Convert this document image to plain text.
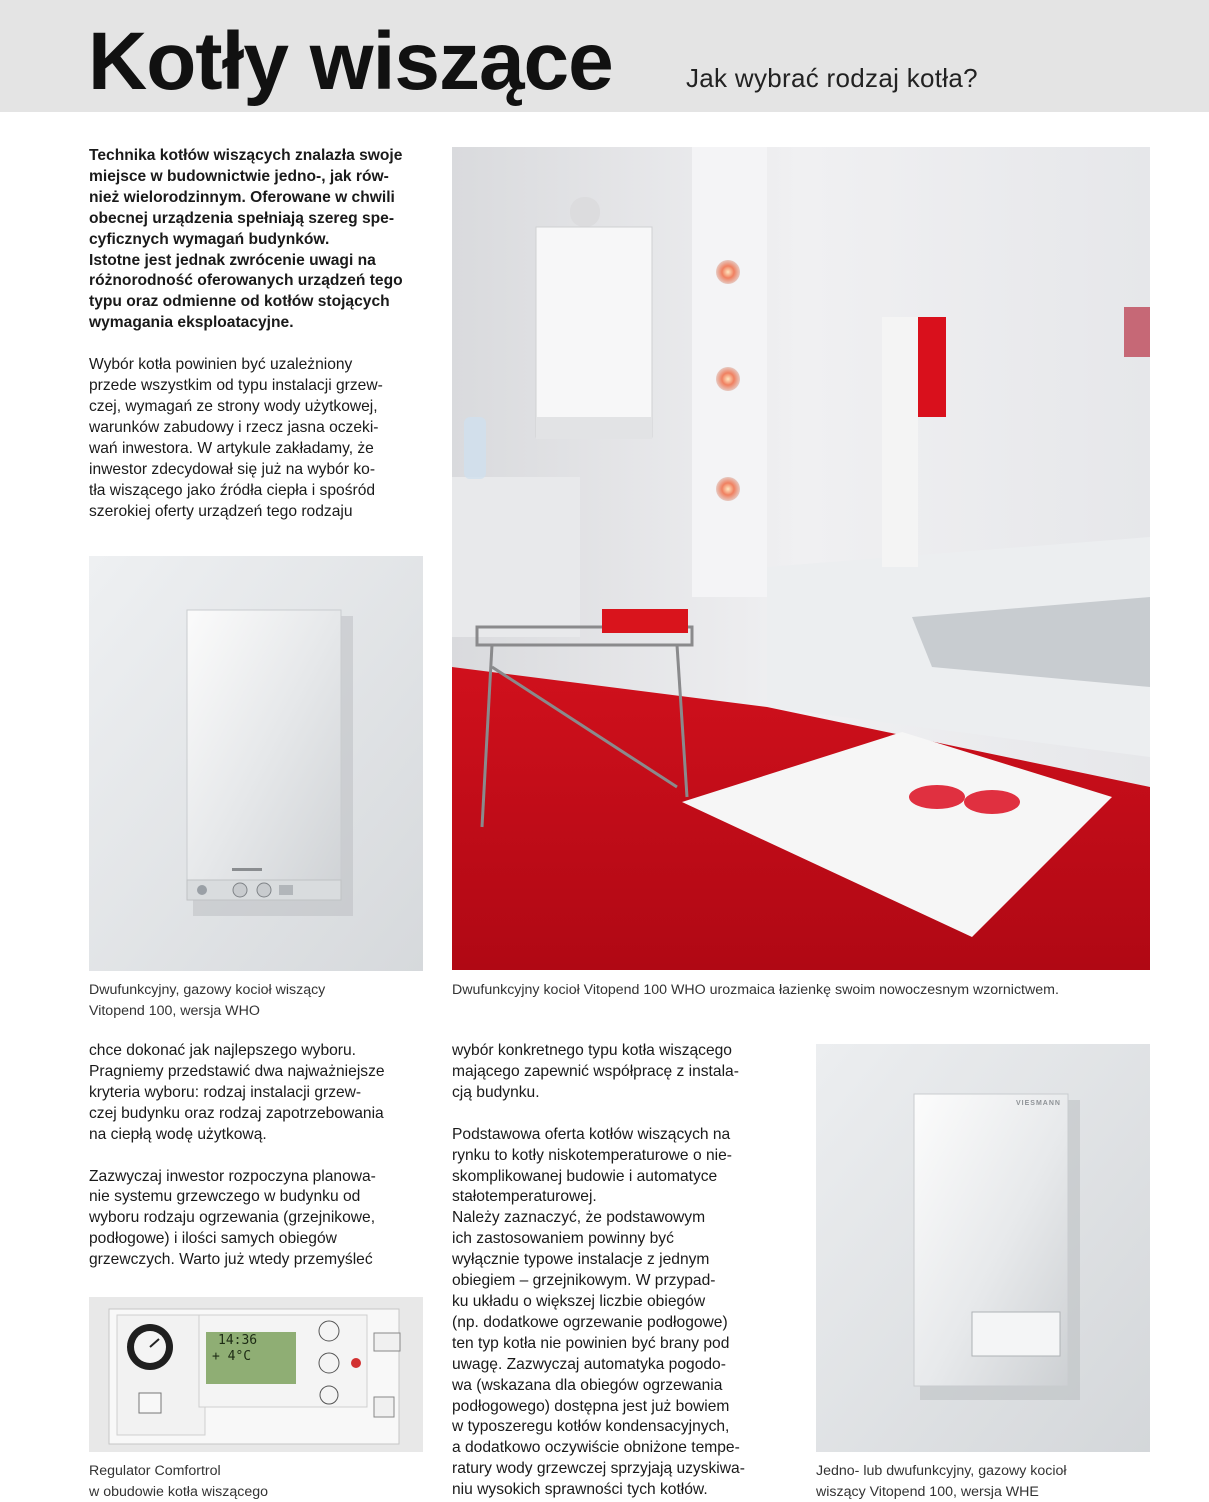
Kotły wiszące	Jak wybrać rodzaj kotła?

Technika kotłów wiszących znalazła swoje
miejsce w budownictwie jedno-, jak rów-
nież wielorodzinnym. Oferowane w chwili
obecnej urządzenia spełniają szereg spe-
cyficznych wymagań budynków.
Istotne jest jednak zwrócenie uwagi na
różnorodność oferowanych urządzeń tego
typu oraz odmienne od kotłów stojących
wymagania eksploatacyjne.

Wybór kotła powinien być uzależniony
przede wszystkim od typu instalacji grzew-
czej, wymagań ze strony wody użytkowej,
warunków zabudowy i rzecz jasna oczeki-
wań inwestora. W artykule zakładamy, że
inwestor zdecydował się już na wybór ko-
tła wiszącego jako źródła ciepła i spośród
szerokiej oferty urządzeń tego rodzaju

Dwufunkcyjny, gazowy kocioł wiszący
Vitopend 100, wersja WHO
Dwufunkcyjny kocioł Vitopend 100 WHO urozmaica łazienkę swoim nowoczesnym wzornictwem.

chce dokonać jak najlepszego wyboru.
Pragniemy przedstawić dwa najważniejsze
kryteria wyboru: rodzaj instalacji grzew-
czej budynku oraz rodzaj zapotrzebowania
na ciepłą wodę użytkową.

Zazwyczaj inwestor rozpoczyna planowa-
nie systemu grzewczego w budynku od
wyboru rodzaju ogrzewania (grzejnikowe,
podłogowe) i ilości samych obiegów
grzewczych. Warto już wtedy przemyśleć

14:36
+ 4°C
Regulator Comfortrol
w obudowie kotła wiszącego

wybór konkretnego typu kotła wiszącego
mającego zapewnić współpracę z instala-
cją budynku.

Podstawowa oferta kotłów wiszących na
rynku to kotły niskotemperaturowe o nie-
skomplikowanej budowie i automatyce
stałotemperaturowej.
Należy zaznaczyć, że podstawowym
ich zastosowaniem powinny być
wyłącznie typowe instalacje z jednym
obiegiem – grzejnikowym. W przypad-
ku układu o większej liczbie obiegów
(np. dodatkowe ogrzewanie podłogowe)
ten typ kotła nie powinien być brany pod
uwagę. Zazwyczaj automatyka pogodo-
wa (wskazana dla obiegów ogrzewania
podłogowego) dostępna jest już bowiem
w typoszeregu kotłów kondensacyjnych,
a dodatkowo oczywiście obniżone tempe-
ratury wody grzewczej sprzyjają uzyskiwa-
niu wysokich sprawności tych kotłów.

VIESMANN
Jedno- lub dwufunkcyjny, gazowy kocioł
wiszący Vitopend 100, wersja WHE
